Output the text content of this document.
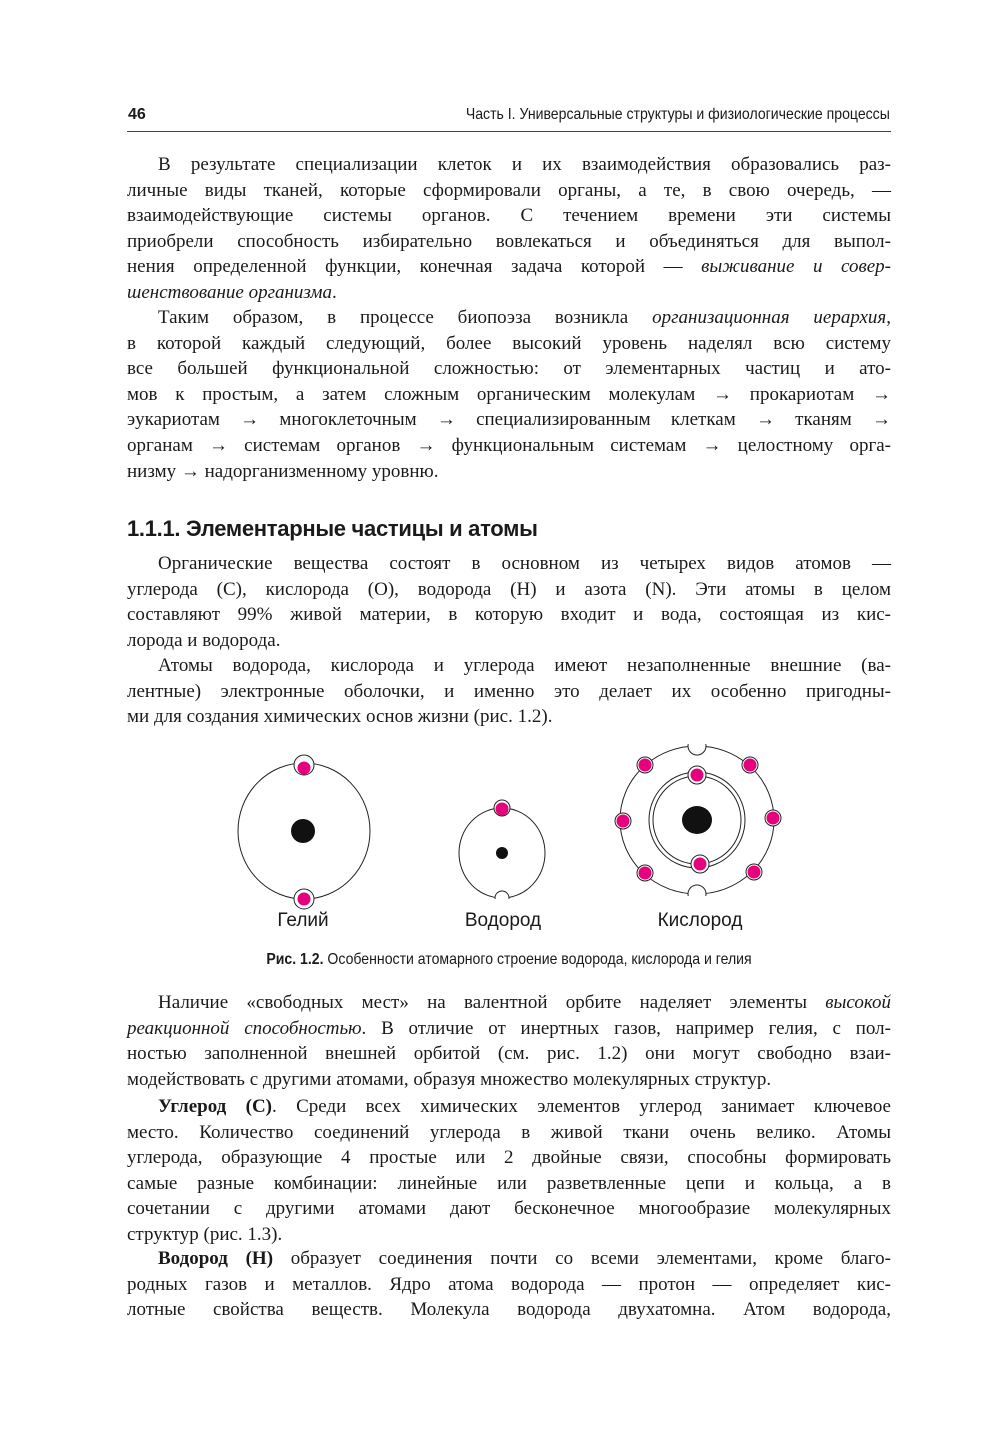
46	Часть I. Универсальные структуры и физиологические процессы
В результате специализации клеток и их взаимодействия образовались раз-
личные виды тканей, которые сформировали органы, а те, в свою очередь, —
взаимодействующие системы органов. С течением времени эти системы
приобрели способность избирательно вовлекаться и объединяться для выпол-
нения определенной функции, конечная задача которой — выживание и совер-
шенствование организма.
Таким образом, в процессе биопоэза возникла организационная иерархия,
в которой каждый следующий, более высокий уровень наделял всю систему
все большей функциональной сложностью: от элементарных частиц и ато-
мов к простым, а затем сложным органическим молекулам → прокариотам →
эукариотам → многоклеточным → специализированным клеткам → тканям →
органам → системам органов → функциональным системам → целостному орга-
низму → надорганизменному уровню.
1.1.1. Элементарные частицы и атомы
Органические вещества состоят в основном из четырех видов атомов —
углерода (C), кислорода (O), водорода (H) и азота (N). Эти атомы в целом
составляют 99% живой материи, в которую входит и вода, состоящая из кис-
лорода и водорода.
Атомы водорода, кислорода и углерода имеют незаполненные внешние (ва-
лентные) электронные оболочки, и именно это делает их особенно пригодны-
ми для создания химических основ жизни (рис. 1.2).
Гелий	Водород	Кислород
Рис. 1.2. Особенности атомарного строение водорода, кислорода и гелия
Наличие «свободных мест» на валентной орбите наделяет элементы высокой
реакционной способностью. В отличие от инертных газов, например гелия, с пол-
ностью заполненной внешней орбитой (см. рис. 1.2) они могут свободно взаи-
модействовать с другими атомами, образуя множество молекулярных структур.
Углерод (C). Среди всех химических элементов углерод занимает ключевое
место. Количество соединений углерода в живой ткани очень велико. Атомы
углерода, образующие 4 простые или 2 двойные связи, способны формировать
самые разные комбинации: линейные или разветвленные цепи и кольца, а в
сочетании с другими атомами дают бесконечное многообразие молекулярных
структур (рис. 1.3).
Водород (H) образует соединения почти со всеми элементами, кроме благо-
родных газов и металлов. Ядро атома водорода — протон — определяет кис-
лотные свойства веществ. Молекула водорода двухатомна. Атом водорода,
